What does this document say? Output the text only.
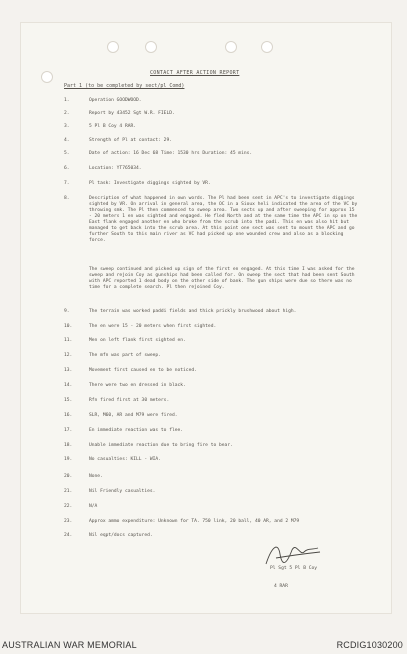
CONTACT AFTER ACTION REPORT
Part 1 (to be completed by sect/pl Comd)
1.	Operation GOODWOOD.
2.	Report by 43452 Sgt W.R. FIELD.
3.	5 Pl B Coy 4 RAR.
4.	Strength of Pl at contact: 29.
5.	Date of action: 16 Dec 68 Time: 1530 hrs Duration: 45 mins.
6.	Location: YT765034.
7.	Pl task: Investigate diggings sighted by VR.
8.	Description of what happened in own words. The Pl had been sent in APC's to investigate diggings sighted by VR. On arrival in general area, the OC in a Sioux heli indicated the area of the VC by throwing smk. The Pl then commenced to sweep area. Two sects up and after sweeping for approx 15 - 20 meters 1 en was sighted and engaged. He fled North and at the same time the APC in sp on the East flank engaged another en who broke from the scrub into the padi. This en was also hit but managed to get back into the scrub area. At this point one sect was sent to mount the APC and go further South to this main river as VC had picked up one wounded crew and also as a blocking force.
The sweep continued and picked up sign of the first en engaged. At this time I was asked for the sweep and rejoin Coy as gunships had been called for. On sweep the sect that had been sent South with APC reported 1 dead body on the other side of bank. The gun ships were due so there was no time for a complete search. Pl then rejoined Coy.
9.	The terrain was worked paddi fields and thick prickly brushwood about high.
10.	The en were 15 - 20 meters when first sighted.
11.	Men on left flank first sighted en.
12.	The mfn was part of sweep.
13.	Movement first caused en to be noticed.
14.	There were two en dressed in black.
15.	Rfn fired first at 30 meters.
16.	SLR, M60, AR and M79 were fired.
17.	En immediate reaction was to flee.
18.	Unable immediate reaction due to bring fire to bear.
19.	No casualties: KILL - WIA.
20.	None.
21.	Nil Friendly casualties.
22.	N/A
23.	Approx ammo expenditure: Unknown for TA. 750 link, 20 ball, 40 AR, and 2 M79
24.	Nil eqpt/docs captured.

Pl Sgt 5 Pl B Coy

4 RAR

AUSTRALIAN WAR MEMORIAL	RCDIG1030200
